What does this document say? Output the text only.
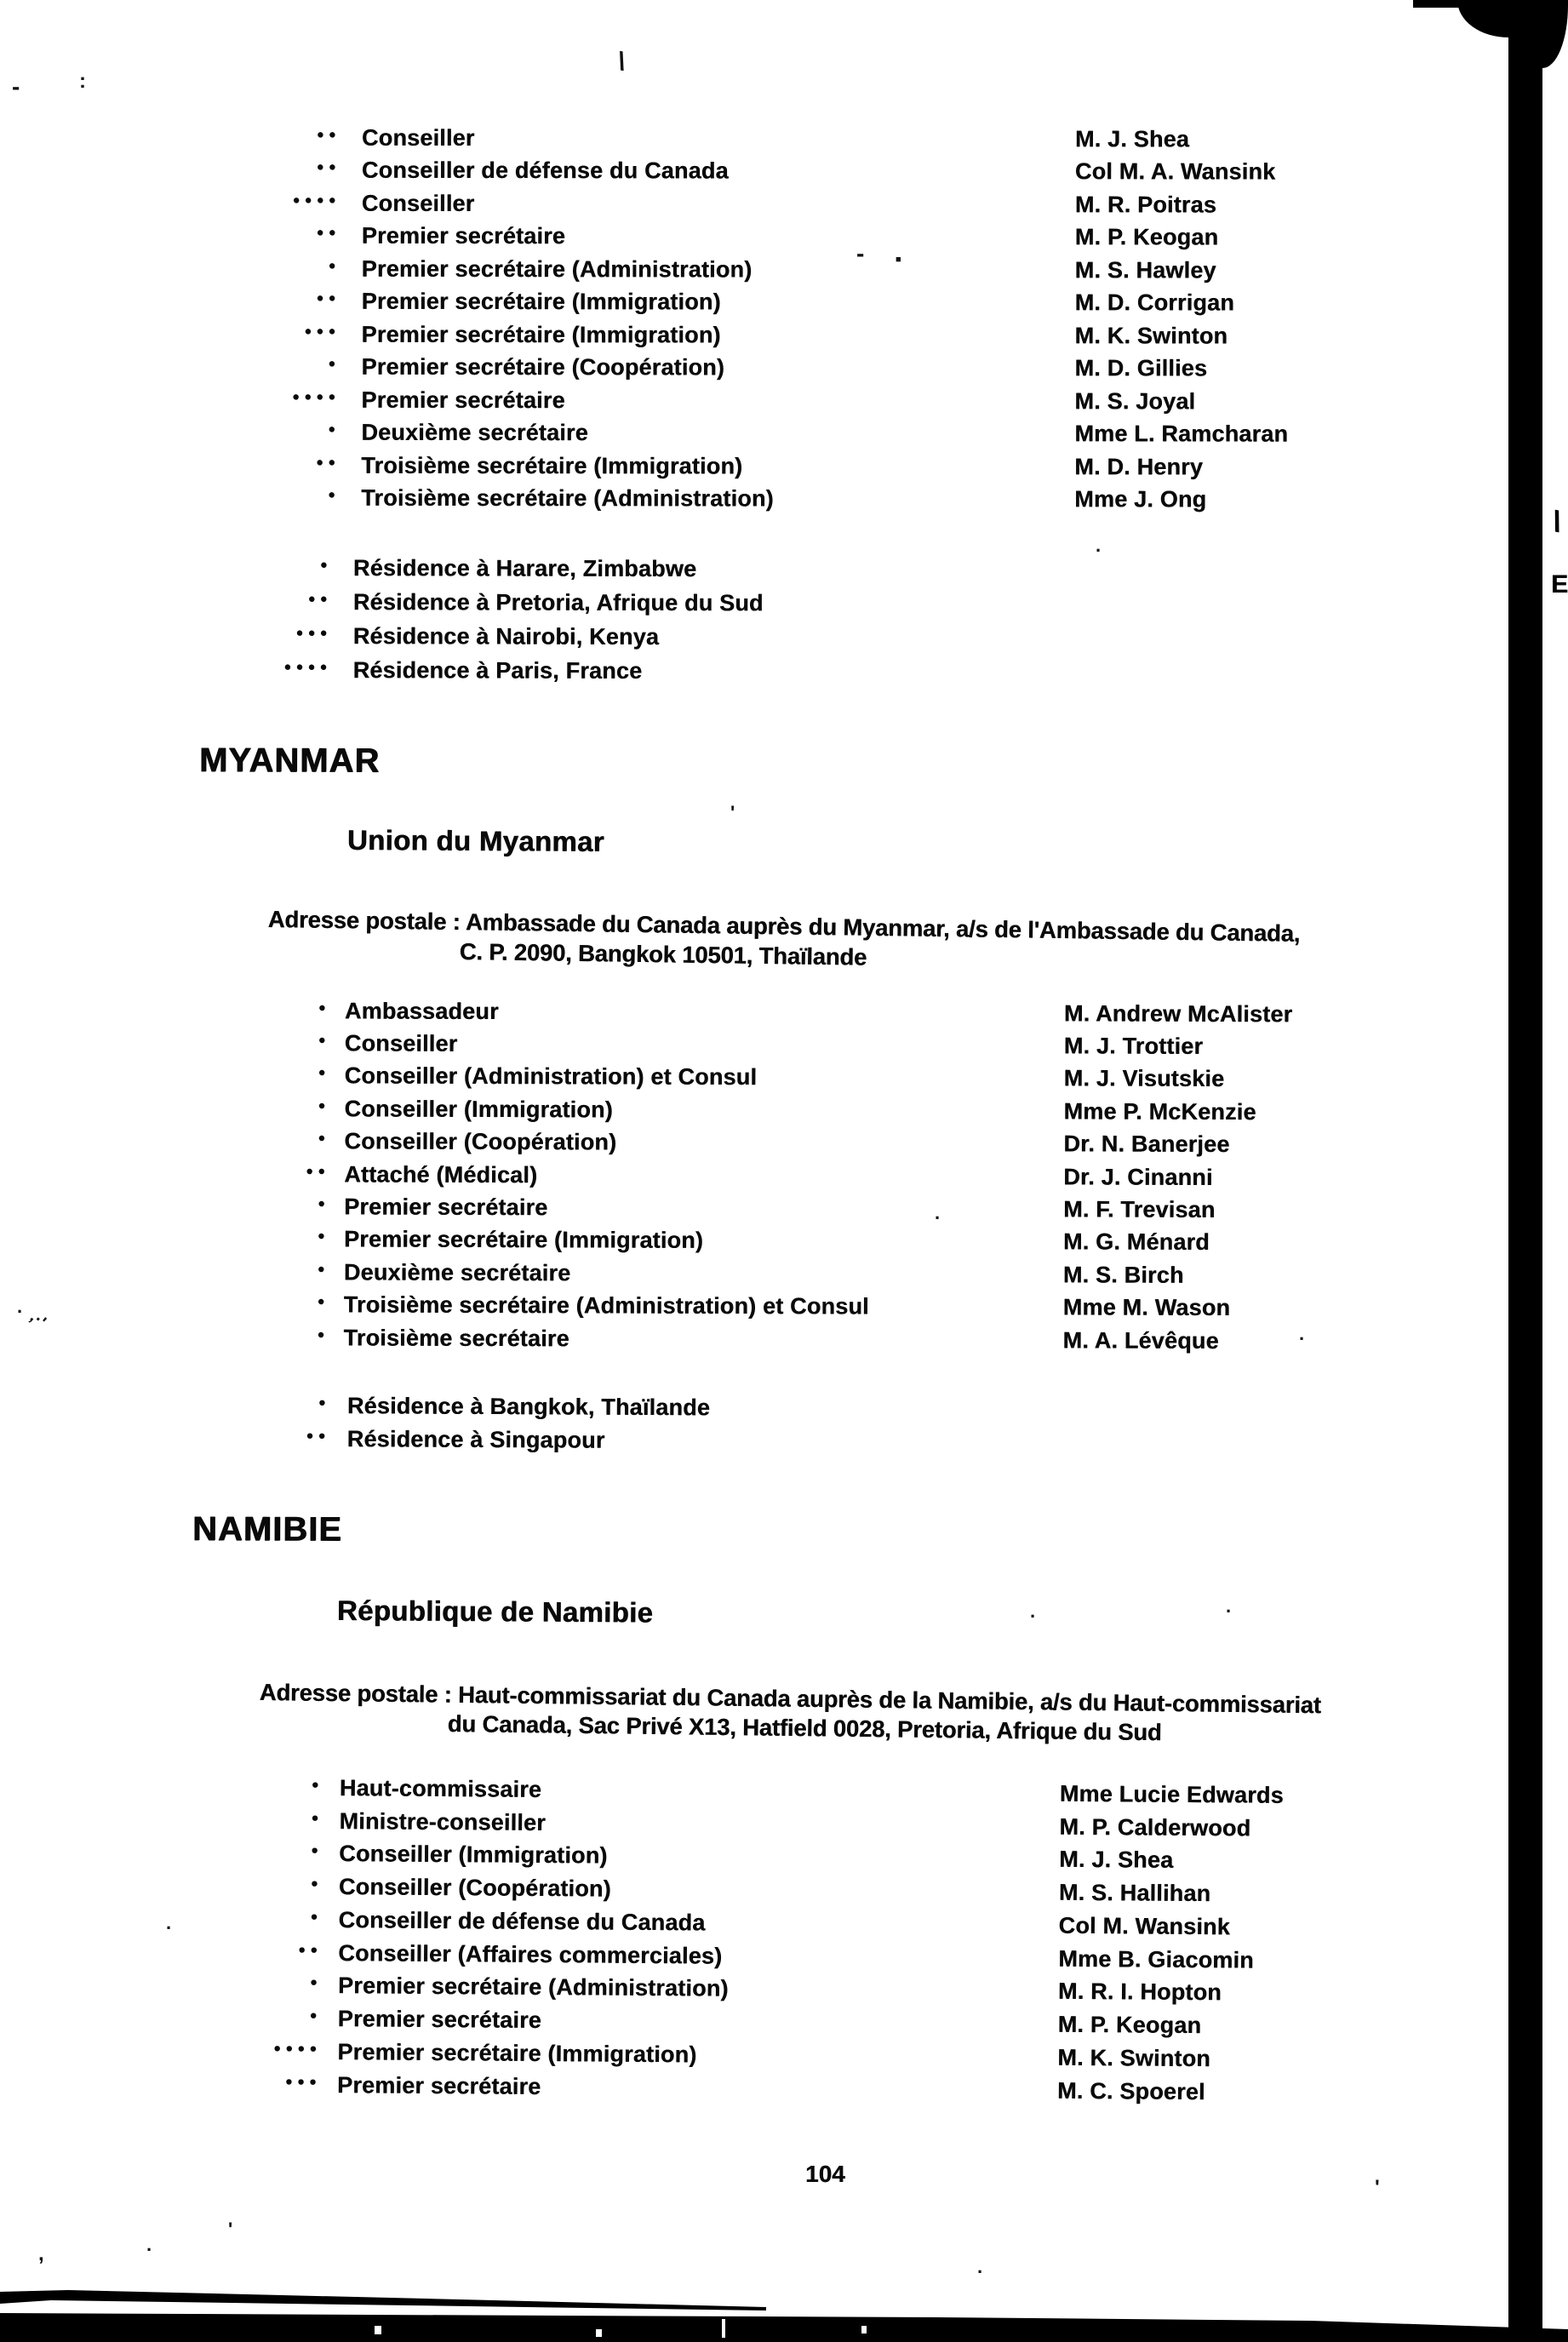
●● Conseiller	M. J. Shea
●● Conseiller de défense du Canada	Col M. A. Wansink
●●●● Conseiller	M. R. Poitras
●● Premier secrétaire	M. P. Keogan
● Premier secrétaire (Administration)	M. S. Hawley
●● Premier secrétaire (Immigration)	M. D. Corrigan
●●● Premier secrétaire (Immigration)	M. K. Swinton
● Premier secrétaire (Coopération)	M. D. Gillies
●●●● Premier secrétaire	M. S. Joyal
● Deuxième secrétaire	Mme L. Ramcharan
●● Troisième secrétaire (Immigration)	M. D. Henry
● Troisième secrétaire (Administration)	Mme J. Ong
● Résidence à Harare, Zimbabwe
●● Résidence à Pretoria, Afrique du Sud
●●● Résidence à Nairobi, Kenya
●●●● Résidence à Paris, France
MYANMAR
Union du Myanmar
Adresse postale : Ambassade du Canada auprès du Myanmar, a/s de l'Ambassade du Canada,
C. P. 2090, Bangkok 10501, Thaïlande
● Ambassadeur	M. Andrew McAlister
● Conseiller	M. J. Trottier
● Conseiller (Administration) et Consul	M. J. Visutskie
● Conseiller (Immigration)	Mme P. McKenzie
● Conseiller (Coopération)	Dr. N. Banerjee
●● Attaché (Médical)	Dr. J. Cinanni
● Premier secrétaire	M. F. Trevisan
● Premier secrétaire (Immigration)	M. G. Ménard
● Deuxième secrétaire	M. S. Birch
● Troisième secrétaire (Administration) et Consul	Mme M. Wason
● Troisième secrétaire	M. A. Lévêque
● Résidence à Bangkok, Thaïlande
●● Résidence à Singapour
NAMIBIE
République de Namibie
Adresse postale : Haut-commissariat du Canada auprès de la Namibie, a/s du Haut-commissariat
du Canada, Sac Privé X13, Hatfield 0028, Pretoria, Afrique du Sud
● Haut-commissaire	Mme Lucie Edwards
● Ministre-conseiller	M. P. Calderwood
● Conseiller (Immigration)	M. J. Shea
● Conseiller (Coopération)	M. S. Hallihan
● Conseiller de défense du Canada	Col M. Wansink
●● Conseiller (Affaires commerciales)	Mme B. Giacomin
● Premier secrétaire (Administration)	M. R. I. Hopton
● Premier secrétaire	M. P. Keogan
●●●● Premier secrétaire (Immigration)	M. K. Swinton
●●● Premier secrétaire	M. C. Spoerel
104
\
E
\
:
-
-	■
.
'
.
.
.
,·'
·	·
.
'
,	·
'
·
